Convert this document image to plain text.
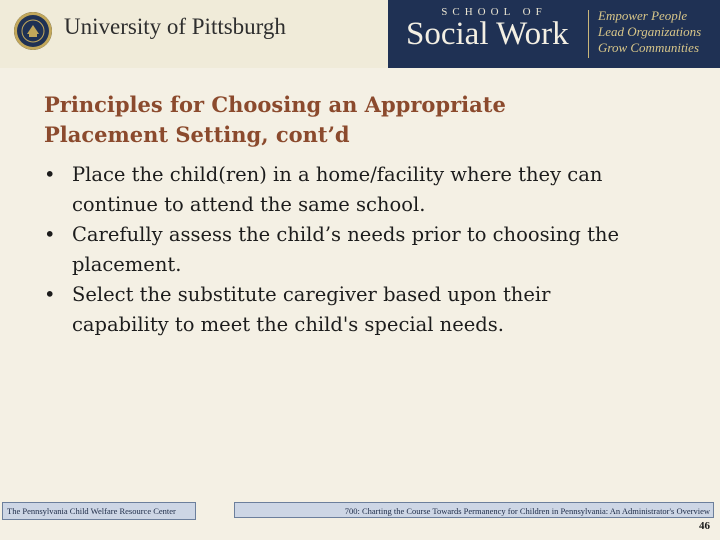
University of Pittsburgh
SCHOOL OF
Social Work
Empower People
Lead Organizations
Grow Communities
Principles for Choosing an Appropriate
Placement Setting, cont’d
• Place the child(ren) in a home/facility where they can
continue to attend the same school.
• Carefully assess the child’s needs prior to choosing the
placement.
• Select the substitute caregiver based upon their
capability to meet the child's special needs.
The Pennsylvania Child Welfare Resource Center	700: Charting the Course Towards Permanency for Children in Pennsylvania: An Administrator's Overview
46
